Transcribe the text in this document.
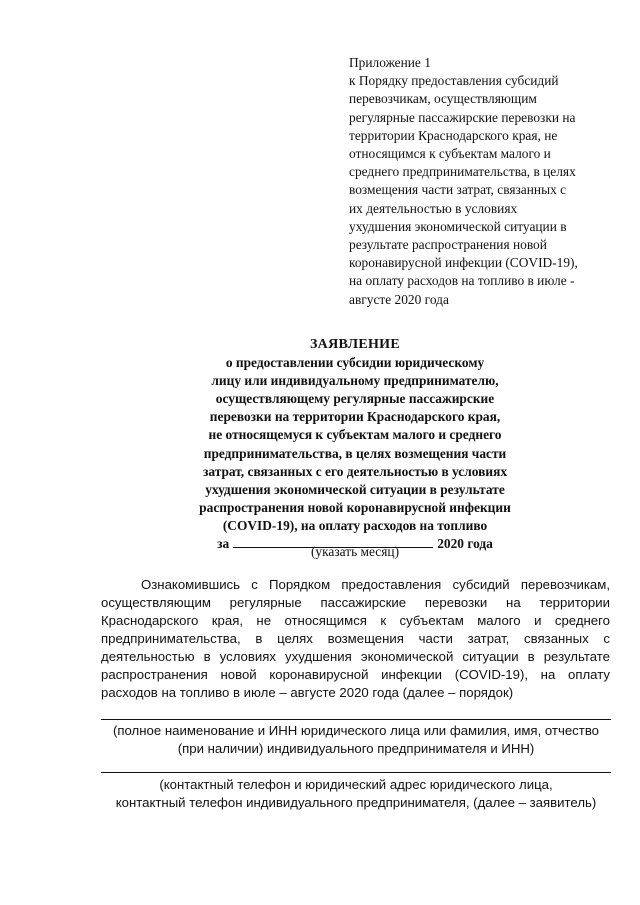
Приложение 1
к Порядку предоставления субсидий
перевозчикам, осуществляющим
регулярные пассажирские перевозки на
территории Краснодарского края, не
относящимся к субъектам малого и
среднего предпринимательства, в целях
возмещения части затрат, связанных с
их деятельностью в условиях
ухудшения экономической ситуации в
результате распространения новой
коронавирусной инфекции (COVID-19),
на оплату расходов на топливо в июле -
августе 2020 года
ЗАЯВЛЕНИЕ
о предоставлении субсидии юридическому
лицу или индивидуальному предпринимателю,
осуществляющему регулярные пассажирские
перевозки на территории Краснодарского края,
не относящемуся к субъектам малого и среднего
предпринимательства, в целях возмещения части
затрат, связанных с его деятельностью в условиях
ухудшения экономической ситуации в результате
распространения новой коронавирусной инфекции
(COVID-19), на оплату расходов на топливо
за	2020 года
(указать месяц)
Ознакомившись с Порядком предоставления субсидий перевозчикам,
осуществляющим регулярные пассажирские перевозки на территории
Краснодарского края, не относящимся к субъектам малого и среднего
предпринимательства, в целях возмещения части затрат, связанных с
деятельностью в условиях ухудшения экономической ситуации в результате
распространения новой коронавирусной инфекции (COVID-19), на оплату
расходов на топливо в июле – августе 2020 года (далее – порядок)
(полное наименование и ИНН юридического лица или фамилия, имя, отчество
(при наличии) индивидуального предпринимателя и ИНН)
(контактный телефон и юридический адрес юридического лица,
контактный телефон индивидуального предпринимателя, (далее – заявитель)
